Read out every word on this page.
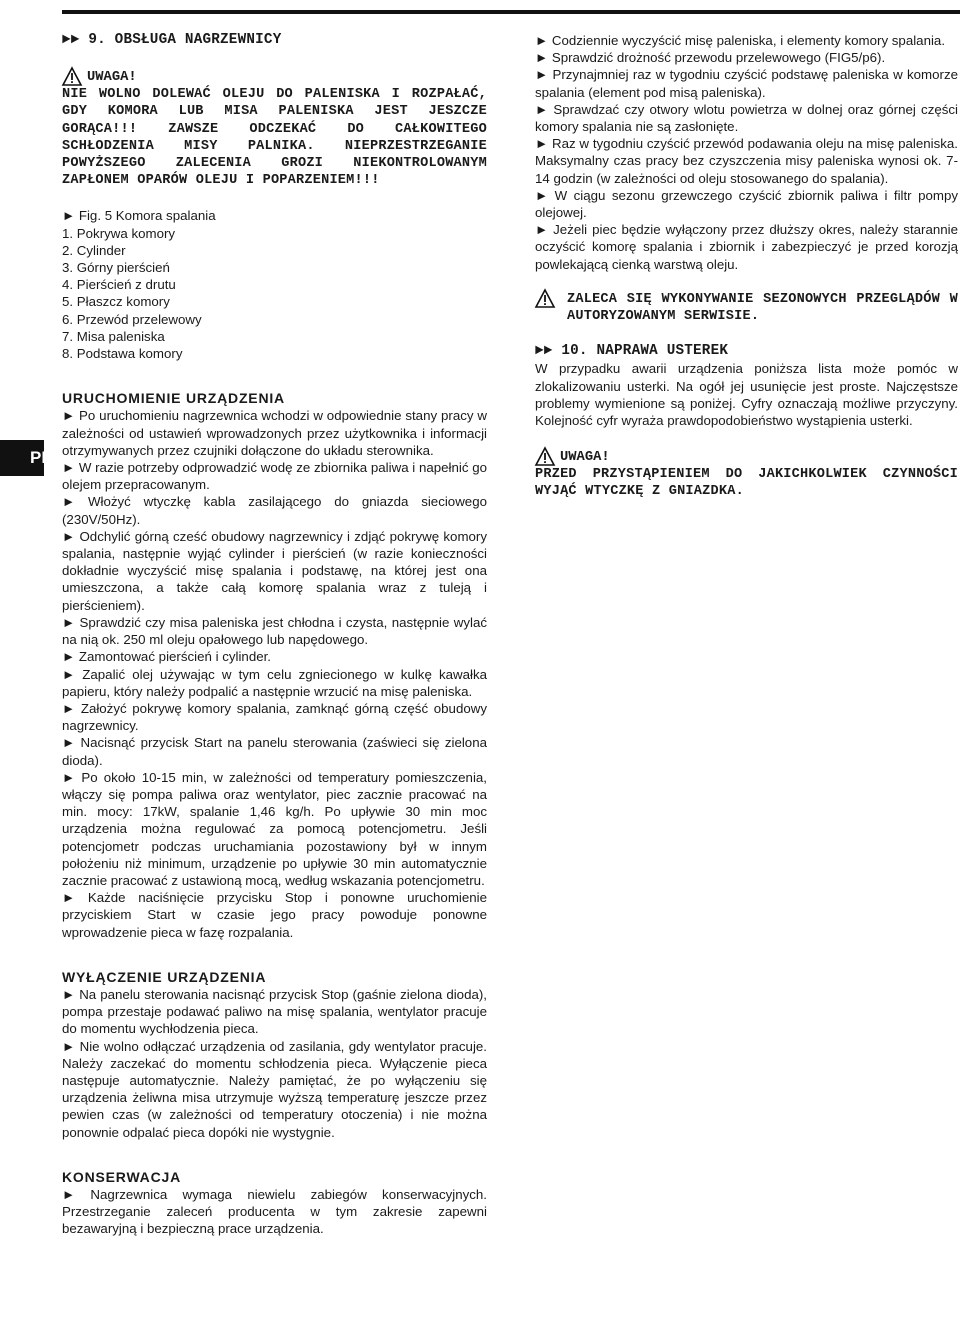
PL

►► 9. OBSŁUGA NAGRZEWNICY

UWAGA!

NIE WOLNO DOLEWAĆ OLEJU DO PALENISKA I ROZPAŁAĆ, GDY KOMORA LUB MISA PALENISKA JEST JESZCZE GORĄCA!!! ZAWSZE ODCZEKAĆ DO CAŁKOWITEGO SCHŁODZENIA MISY PALNIKA. NIEPRZESTRZEGANIE POWYŻSZEGO ZALECENIA GROZI NIEKONTROLOWANYM ZAPŁONEM OPARÓW OLEJU I POPARZENIEM!!!

► Fig. 5 Komora spalania

1. Pokrywa komory
2. Cylinder
3. Górny pierścień
4. Pierścień z drutu
5. Płaszcz komory
6. Przewód przelewowy
7. Misa paleniska
8. Podstawa komory

URUCHOMIENIE URZĄDZENIA

► Po uruchomieniu nagrzewnica wchodzi w odpowiednie stany pracy w zależności od ustawień wprowadzonych przez użytkownika i informacji otrzymywanych przez czujniki dołączone do układu sterownika.

► W razie potrzeby odprowadzić wodę ze zbiornika paliwa i napełnić go olejem przepracowanym.

► Włożyć wtyczkę kabla zasilającego do gniazda sieciowego (230V/50Hz).

► Odchylić górną cześć obudowy nagrzewnicy i zdjąć pokrywę komory spalania, następnie wyjąć cylinder i pierścień (w razie konieczności dokładnie wyczyścić misę spalania i podstawę, na której jest ona umieszczona, a także całą komorę spalania wraz z tuleją i pierścieniem).

► Sprawdzić czy misa paleniska jest chłodna i czysta, następnie wylać na nią ok. 250 ml oleju opałowego lub napędowego.

► Zamontować pierścień i cylinder.

► Zapalić olej używając w tym celu zgniecionego w kulkę kawałka papieru, który należy podpalić a następnie wrzucić na misę paleniska.

► Założyć pokrywę komory spalania, zamknąć górną część obudowy nagrzewnicy.

► Nacisnąć przycisk Start na panelu sterowania (zaświeci się zielona dioda).

► Po około 10-15 min, w zależności od temperatury pomieszczenia, włączy się pompa paliwa oraz wentylator, piec zacznie pracować na min. mocy: 17kW, spalanie 1,46 kg/h. Po upływie 30 min moc urządzenia można regulować za pomocą potencjometru. Jeśli potencjometr podczas uruchamiania pozostawiony był w innym położeniu niż minimum, urządzenie po upływie 30 min automatycznie zacznie pracować z ustawioną mocą, według wskazania potencjometru.

► Każde naciśnięcie przycisku Stop i ponowne uruchomienie przyciskiem Start w czasie jego pracy powoduje ponowne wprowadzenie pieca w fazę rozpalania.

WYŁĄCZENIE URZĄDZENIA

► Na panelu sterowania nacisnąć przycisk Stop (gaśnie zielona dioda), pompa przestaje podawać paliwo na misę spalania, wentylator pracuje do momentu wychłodzenia pieca.

► Nie wolno odłączać urządzenia od zasilania, gdy wentylator pracuje. Należy zaczekać do momentu schłodzenia pieca. Wyłączenie pieca następuje automatycznie. Należy pamiętać, że po wyłączeniu się urządzenia żeliwna misa utrzymuje wyższą temperaturę jeszcze przez pewien czas (w zależności od temperatury otoczenia) i nie można ponownie odpalać pieca dopóki nie wystygnie.

KONSERWACJA

► Nagrzewnica wymaga niewielu zabiegów konserwacyjnych. Przestrzeganie zaleceń producenta w tym zakresie zapewni bezawaryjną i bezpieczną prace urządzenia.

► Codziennie wyczyścić misę paleniska, i elementy komory spalania.

► Sprawdzić drożność przewodu przelewowego (FIG5/p6).

► Przynajmniej raz w tygodniu czyścić podstawę paleniska w komorze spalania (element pod misą paleniska).

► Sprawdzać czy otwory wlotu powietrza w dolnej oraz górnej części komory spalania nie są zasłonięte.

► Raz w tygodniu czyścić przewód podawania oleju na misę paleniska. Maksymalny czas pracy bez czyszczenia misy paleniska wynosi ok. 7-14 godzin (w zależności od oleju stosowanego do spalania).

► W ciągu sezonu grzewczego czyścić zbiornik paliwa i filtr pompy olejowej.

► Jeżeli piec będzie wyłączony przez dłuższy okres, należy starannie oczyścić komorę spalania i zbiornik i zabezpieczyć je przed korozją powlekającą cienką warstwą oleju.

ZALECA SIĘ WYKONYWANIE SEZONOWYCH PRZEGLĄDÓW W AUTORYZOWANYM SERWISIE.

►► 10. NAPRAWA USTEREK

W przypadku awarii urządzenia poniższa lista może pomóc w zlokalizowaniu usterki. Na ogół jej usunięcie jest proste. Najczęstsze problemy wymienione są poniżej. Cyfry oznaczają możliwe przyczyny. Kolejność cyfr wyraża prawdopodobieństwo wystąpienia usterki.

UWAGA!

PRZED PRZYSTĄPIENIEM DO JAKICHKOLWIEK CZYNNOŚCI WYJĄĆ WTYCZKĘ Z GNIAZDKA.
